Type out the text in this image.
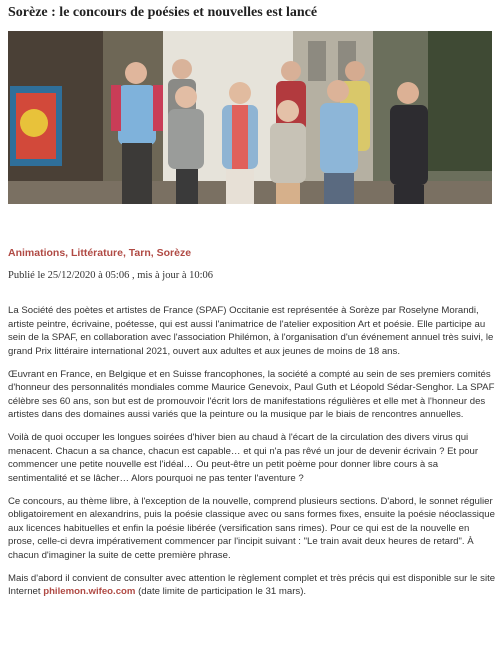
Sorèze : le concours de poésies et nouvelles est lancé
Animations, Littérature, Tarn, Sorèze
Publié le 25/12/2020 à 05:06 , mis à jour à 10:06

La Société des poètes et artistes de France (SPAF) Occitanie est représentée à Sorèze par Roselyne Morandi, artiste peintre, écrivaine, poétesse, qui est aussi l'animatrice de l'atelier exposition Art et poésie. Elle participe au sein de la SPAF, en collaboration avec l'association Philémon, à l'organisation d'un événement annuel très suivi, le grand Prix littéraire international 2021, ouvert aux adultes et aux jeunes de moins de 18 ans.

Œuvrant en France, en Belgique et en Suisse francophones, la société a compté au sein de ses premiers comités d'honneur des personnalités mondiales comme Maurice Genevoix, Paul Guth et Léopold Sédar-Senghor. La SPAF célèbre ses 60 ans, son but est de promouvoir l'écrit lors de manifestations régulières et elle met à l'honneur des artistes dans des domaines aussi variés que la peinture ou la musique par le biais de rencontres annuelles.

Voilà de quoi occuper les longues soirées d'hiver bien au chaud à l'écart de la circulation des divers virus qui menacent. Chacun a sa chance, chacun est capable… et qui n'a pas rêvé un jour de devenir écrivain ? Et pour commencer une petite nouvelle est l'idéal… Ou peut-être un petit poème pour donner libre cours à sa sentimentalité et se lâcher… Alors pourquoi ne pas tenter l'aventure ?

Ce concours, au thème libre, à l'exception de la nouvelle, comprend plusieurs sections. D'abord, le sonnet régulier obligatoirement en alexandrins, puis la poésie classique avec ou sans formes fixes, ensuite la poésie néoclassique aux licences habituelles et enfin la poésie libérée (versification sans rimes). Pour ce qui est de la nouvelle en prose, celle-ci devra impérativement commencer par l'incipit suivant : "Le train avait deux heures de retard". À chacun d'imaginer la suite de cette première phrase.

Mais d'abord il convient de consulter avec attention le règlement complet et très précis qui est disponible sur le site Internet philemon.wifeo.com (date limite de participation le 31 mars).
